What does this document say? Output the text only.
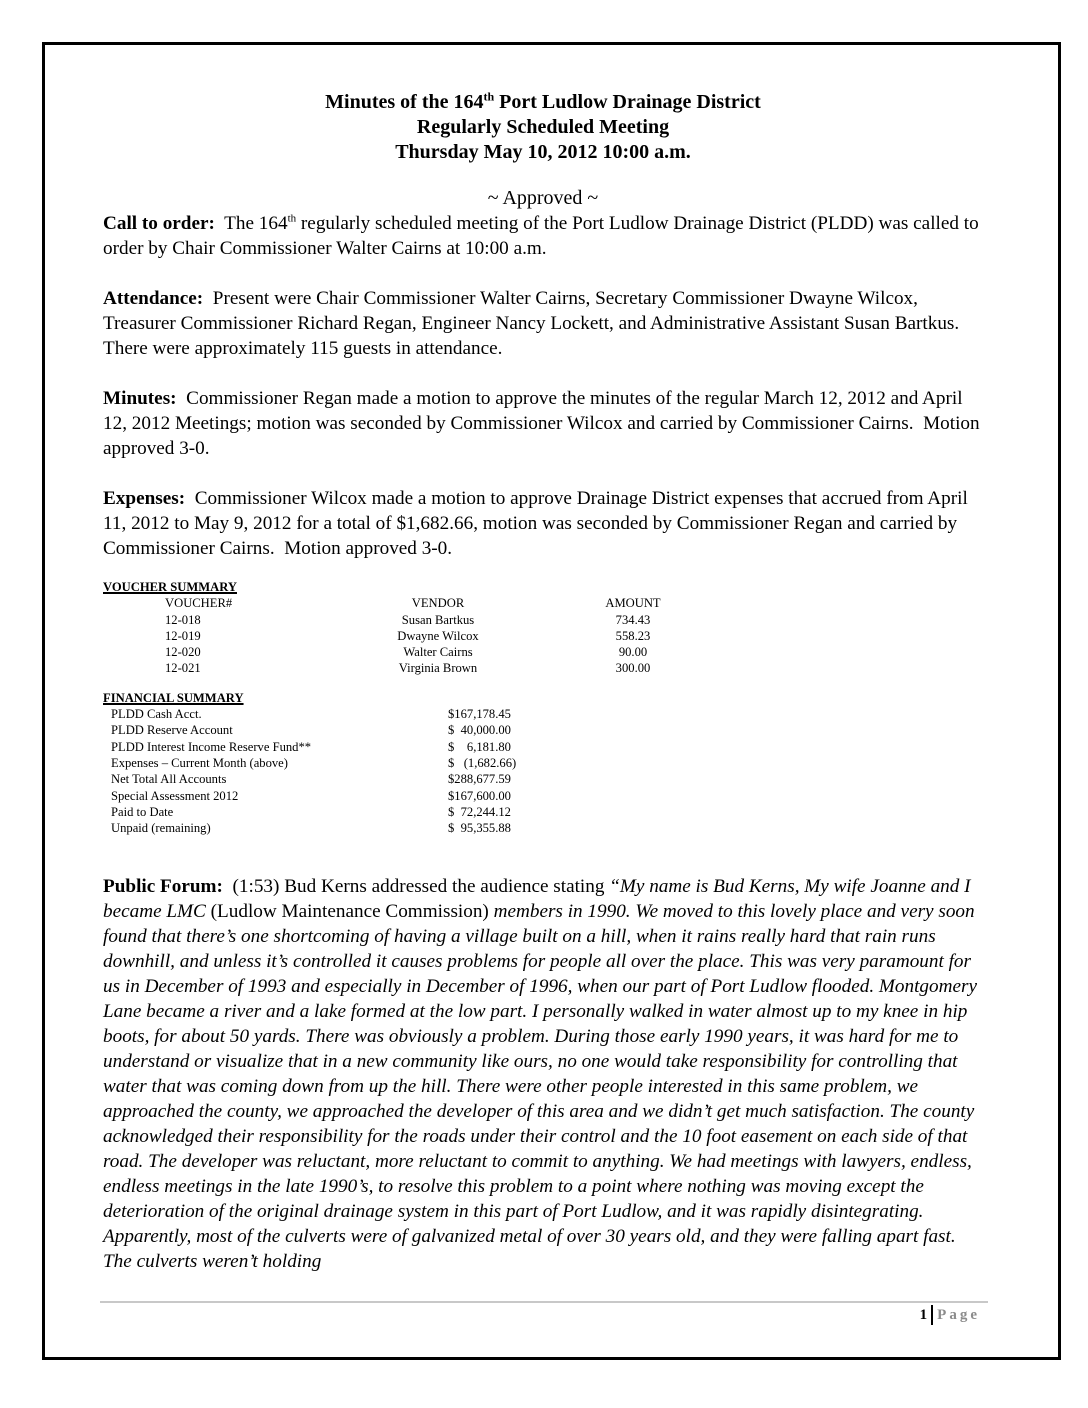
Minutes of the 164th Port Ludlow Drainage District
Regularly Scheduled Meeting
Thursday May 10, 2012 10:00 a.m.
~ Approved ~

Call to order:  The 164th regularly scheduled meeting of the Port Ludlow Drainage District (PLDD) was called to order by Chair Commissioner Walter Cairns at 10:00 a.m.

Attendance:  Present were Chair Commissioner Walter Cairns, Secretary Commissioner Dwayne Wilcox, Treasurer Commissioner Richard Regan, Engineer Nancy Lockett, and Administrative Assistant Susan Bartkus.  There were approximately 115 guests in attendance.

Minutes:  Commissioner Regan made a motion to approve the minutes of the regular March 12, 2012 and April 12, 2012 Meetings; motion was seconded by Commissioner Wilcox and carried by Commissioner Cairns.  Motion approved 3-0.

Expenses:  Commissioner Wilcox made a motion to approve Drainage District expenses that accrued from April 11, 2012 to May 9, 2012 for a total of $1,682.66, motion was seconded by Commissioner Regan and carried by Commissioner Cairns.  Motion approved 3-0.

VOUCHER SUMMARY
VOUCHER#	VENDOR	AMOUNT
12-018	Susan Bartkus	734.43
12-019	Dwayne Wilcox	558.23
12-020	Walter Cairns	90.00
12-021	Virginia Brown	300.00
FINANCIAL SUMMARY
PLDD Cash Acct.	$167,178.45
PLDD Reserve Account	$  40,000.00
PLDD Interest Income Reserve Fund**	$    6,181.80
Expenses – Current Month (above)	$   (1,682.66)
Net Total All Accounts	$288,677.59
Special Assessment 2012	$167,600.00
Paid to Date	$  72,244.12
Unpaid (remaining)	$  95,355.88

Public Forum:  (1:53) Bud Kerns addressed the audience stating “My name is Bud Kerns, My wife Joanne and I became LMC (Ludlow Maintenance Commission) members in 1990. We moved to this lovely place and very soon found that there’s one shortcoming of having a village built on a hill, when it rains really hard that rain runs downhill, and unless it’s controlled it causes problems for people all over the place. This was very paramount for us in December of 1993 and especially in December of 1996, when our part of Port Ludlow flooded. Montgomery Lane became a river and a lake formed at the low part. I personally walked in water almost up to my knee in hip boots, for about 50 yards. There was obviously a problem. During those early 1990 years, it was hard for me to understand or visualize that in a new community like ours, no one would take responsibility for controlling that water that was coming down from up the hill. There were other people interested in this same problem, we approached the county, we approached the developer of this area and we didn’t get much satisfaction. The county acknowledged their responsibility for the roads under their control and the 10 foot easement on each side of that road. The developer was reluctant, more reluctant to commit to anything. We had meetings with lawyers, endless, endless meetings in the late 1990’s, to resolve this problem to a point where nothing was moving except the deterioration of the original drainage system in this part of Port Ludlow, and it was rapidly disintegrating. Apparently, most of the culverts were of galvanized metal of over 30 years old, and they were falling apart fast. The culverts weren’t holding

1 Page
